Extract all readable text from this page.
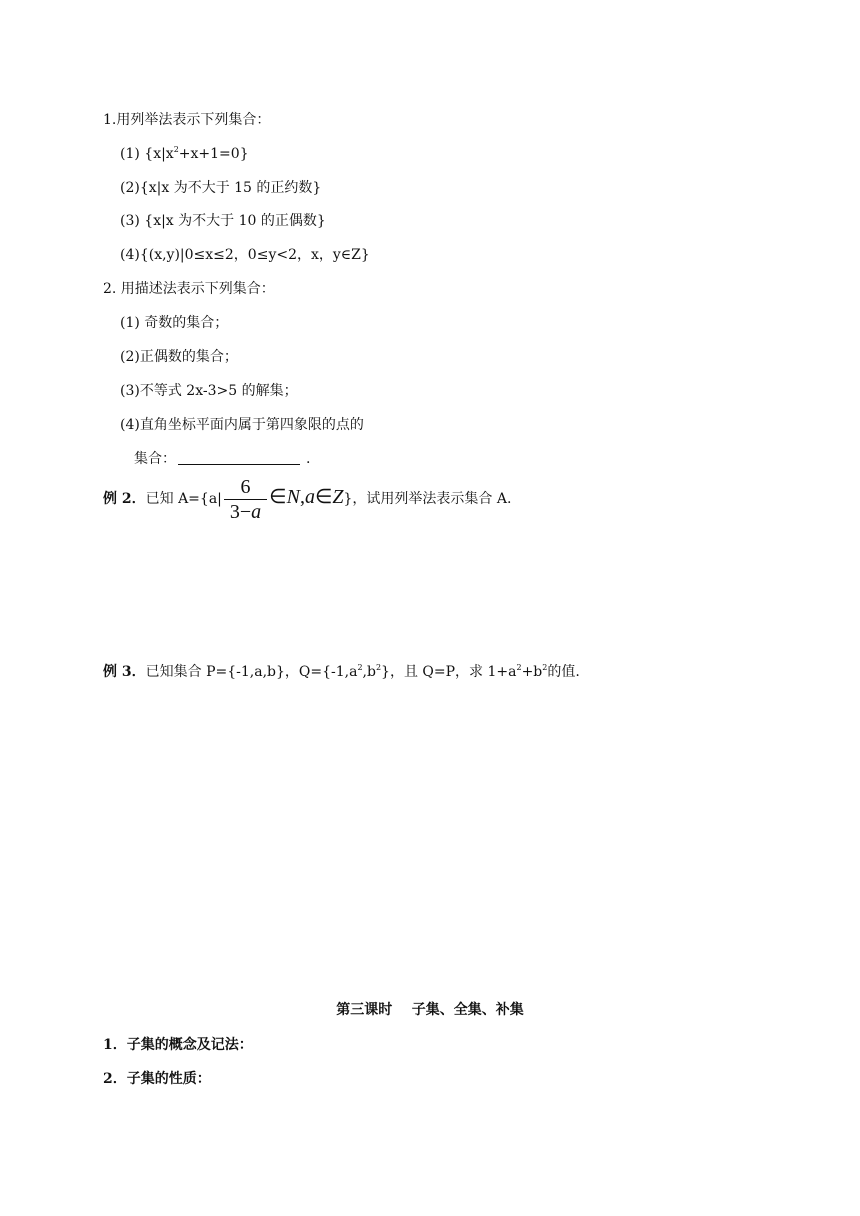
1.用列举法表示下列集合：
(1) $\{x|x^2+x+1=0\}$
(2){x|x 为不大于 15 的正约数}
(3) {x|x 为不大于 10 的正偶数}
(4){(x,y)|0≤x≤2，0≤y<2，x，y∈Z}
2. 用描述法表示下列集合：
(1) 奇数的集合；
(2)正偶数的集合；
(3)不等式 2x-3>5 的解集；
(4)直角坐标平面内属于第四象限的点的
集合：	.
例 2．已知 $A=\{a| \frac{6}{3-a}$ ∈N,a∈Z}，试用列举法表示集合 A.
例 3．已知集合 P={-1,a,b}，$Q=\{-1,a^2,b^2\}$，且 Q=P，求 $1+a^2+b^2$的值.
第三课时    子集、全集、补集
1．子集的概念及记法：
2．子集的性质：
